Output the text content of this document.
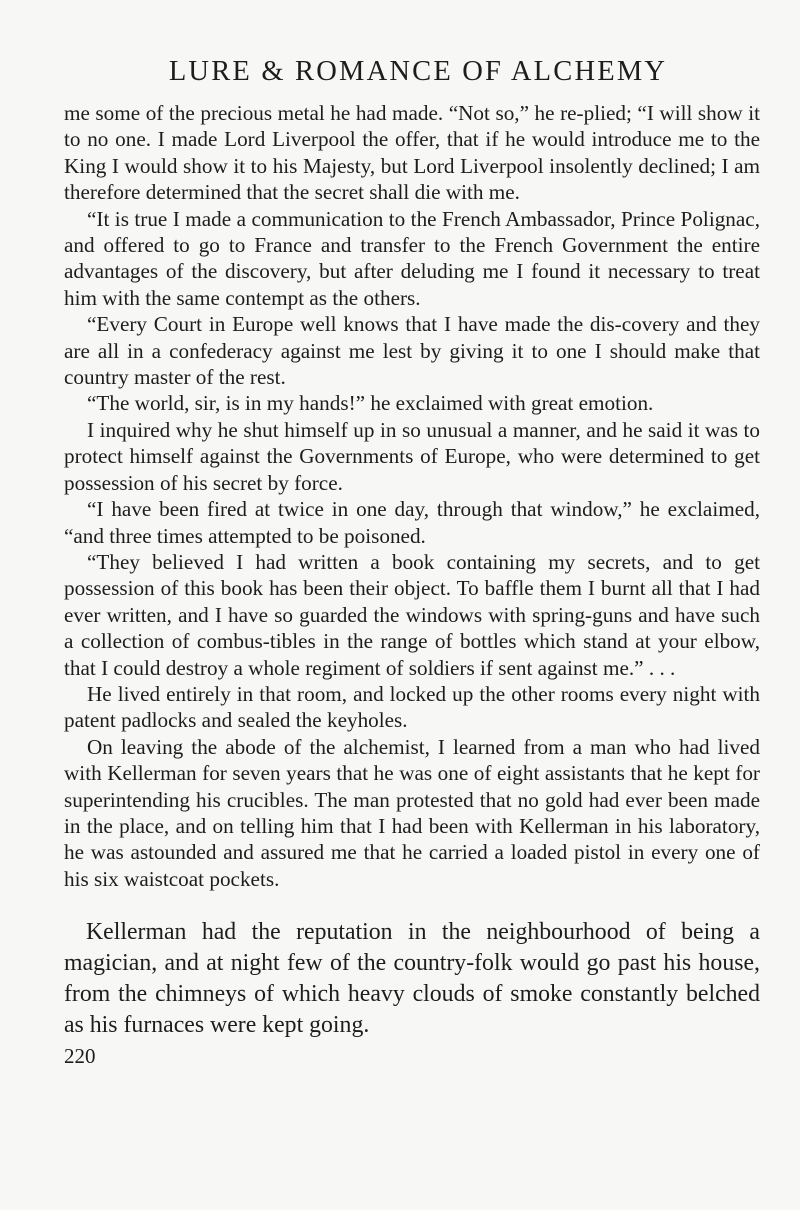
LURE & ROMANCE OF ALCHEMY

me some of the precious metal he had made. “Not so,” he re-plied; “I will show it to no one. I made Lord Liverpool the offer, that if he would introduce me to the King I would show it to his Majesty, but Lord Liverpool insolently declined; I am therefore determined that the secret shall die with me.

“It is true I made a communication to the French Ambassador, Prince Polignac, and offered to go to France and transfer to the French Government the entire advantages of the discovery, but after deluding me I found it necessary to treat him with the same contempt as the others.

“Every Court in Europe well knows that I have made the dis-covery and they are all in a confederacy against me lest by giving it to one I should make that country master of the rest.

“The world, sir, is in my hands!” he exclaimed with great emotion.

I inquired why he shut himself up in so unusual a manner, and he said it was to protect himself against the Governments of Europe, who were determined to get possession of his secret by force.

“I have been fired at twice in one day, through that window,” he exclaimed, “and three times attempted to be poisoned.

“They believed I had written a book containing my secrets, and to get possession of this book has been their object. To baffle them I burnt all that I had ever written, and I have so guarded the windows with spring-guns and have such a collection of combus-tibles in the range of bottles which stand at your elbow, that I could destroy a whole regiment of soldiers if sent against me.” . . .

He lived entirely in that room, and locked up the other rooms every night with patent padlocks and sealed the keyholes.

On leaving the abode of the alchemist, I learned from a man who had lived with Kellerman for seven years that he was one of eight assistants that he kept for superintending his crucibles. The man protested that no gold had ever been made in the place, and on telling him that I had been with Kellerman in his laboratory, he was astounded and assured me that he carried a loaded pistol in every one of his six waistcoat pockets.

Kellerman had the reputation in the neighbourhood of being a magician, and at night few of the country-folk would go past his house, from the chimneys of which heavy clouds of smoke constantly belched as his furnaces were kept going.

220
